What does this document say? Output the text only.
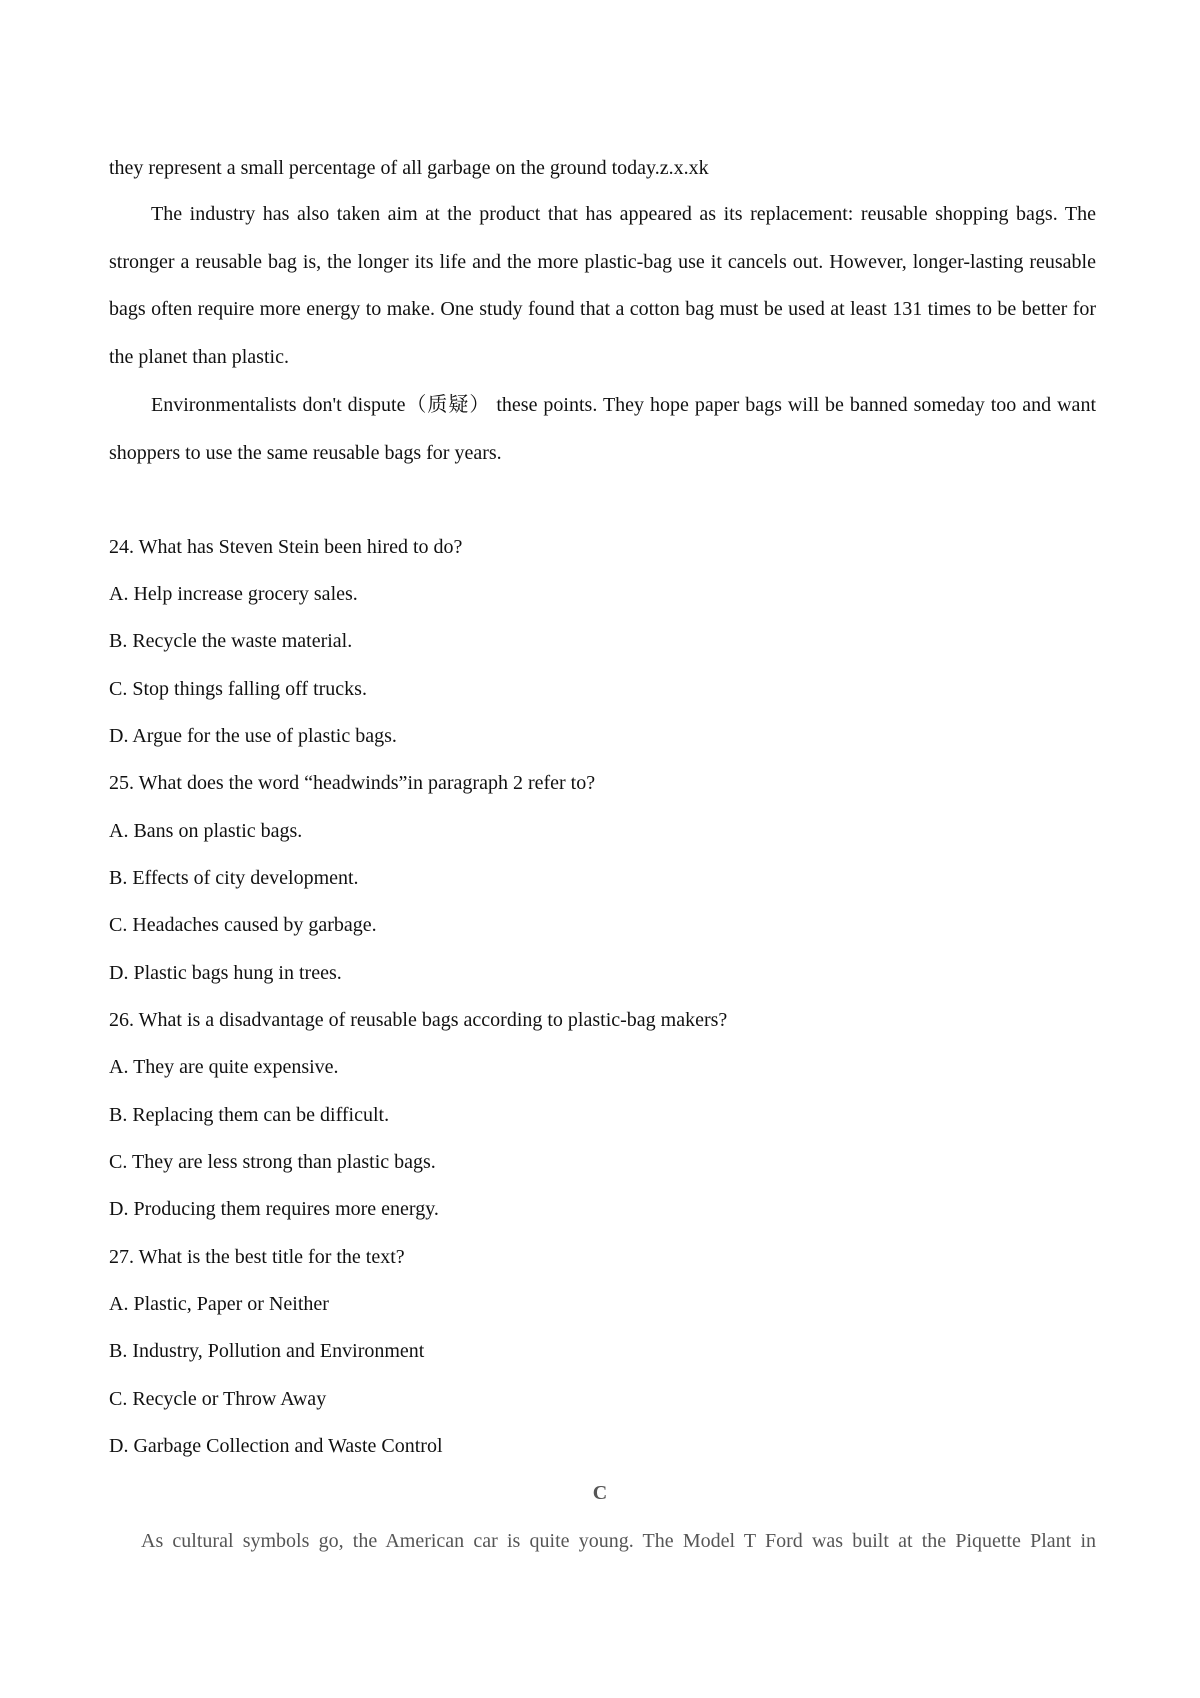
they represent a small percentage of all garbage on the ground today.z.x.xk

The industry has also taken aim at the product that has appeared as its replacement: reusable shopping bags. The stronger a reusable bag is, the longer its life and the more plastic-bag use it cancels out. However, longer-lasting reusable bags often require more energy to make. One study found that a cotton bag must be used at least 131 times to be better for the planet than plastic.

Environmentalists don't dispute（质疑） these points. They hope paper bags will be banned someday too and want shoppers to use the same reusable bags for years.

24. What has Steven Stein been hired to do?

A. Help increase grocery sales.

B. Recycle the waste material.

C. Stop things falling off trucks.

D. Argue for the use of plastic bags.

25. What does the word “headwinds”in paragraph 2 refer to?

A. Bans on plastic bags.

B. Effects of city development.

C. Headaches caused by garbage.

D. Plastic bags hung in trees.

26. What is a disadvantage of reusable bags according to plastic-bag makers?

A. They are quite expensive.

B. Replacing them can be difficult.

C. They are less strong than plastic bags.

D. Producing them requires more energy.

27. What is the best title for the text?

A. Plastic, Paper or Neither

B. Industry, Pollution and Environment

C. Recycle or Throw Away

D. Garbage Collection and Waste Control

C

As cultural symbols go, the American car is quite young. The Model T Ford was built at the Piquette Plant in
